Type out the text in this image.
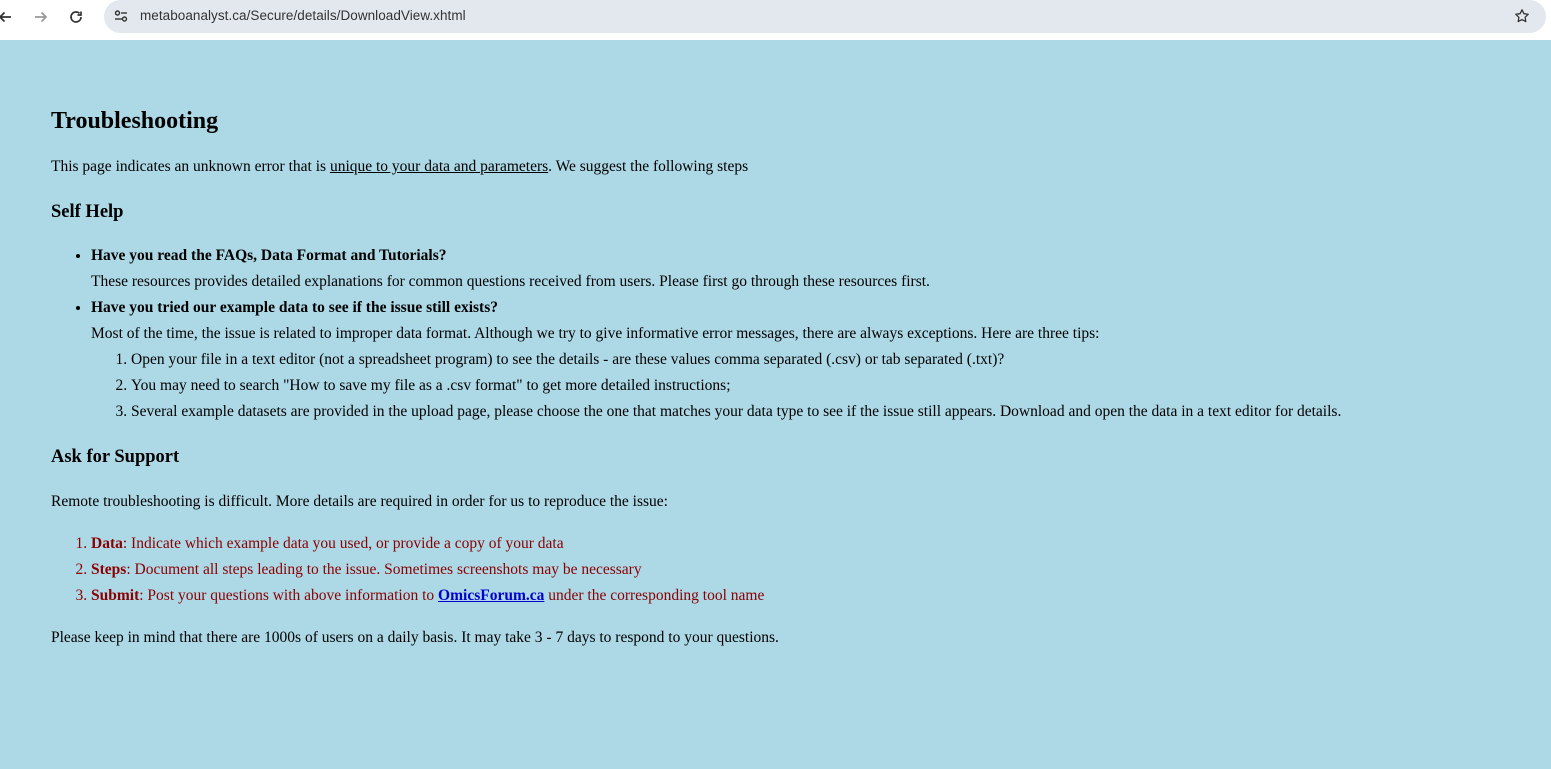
metaboanalyst.ca/Secure/details/DownloadView.xhtml
Troubleshooting

This page indicates an unknown error that is unique to your data and parameters. We suggest the following steps

Self Help
• Have you read the FAQs, Data Format and Tutorials?
These resources provides detailed explanations for common questions received from users. Please first go through these resources first.
• Have you tried our example data to see if the issue still exists?
Most of the time, the issue is related to improper data format. Although we try to give informative error messages, there are always exceptions. Here are three tips:
1. Open your file in a text editor (not a spreadsheet program) to see the details - are these values comma separated (.csv) or tab separated (.txt)?
2. You may need to search "How to save my file as a .csv format" to get more detailed instructions;
3. Several example datasets are provided in the upload page, please choose the one that matches your data type to see if the issue still appears. Download and open the data in a text editor for details.
Ask for Support

Remote troubleshooting is difficult. More details are required in order for us to reproduce the issue:

1. Data: Indicate which example data you used, or provide a copy of your data
2. Steps: Document all steps leading to the issue. Sometimes screenshots may be necessary
3. Submit: Post your questions with above information to OmicsForum.ca under the corresponding tool name

Please keep in mind that there are 1000s of users on a daily basis. It may take 3 - 7 days to respond to your questions.
